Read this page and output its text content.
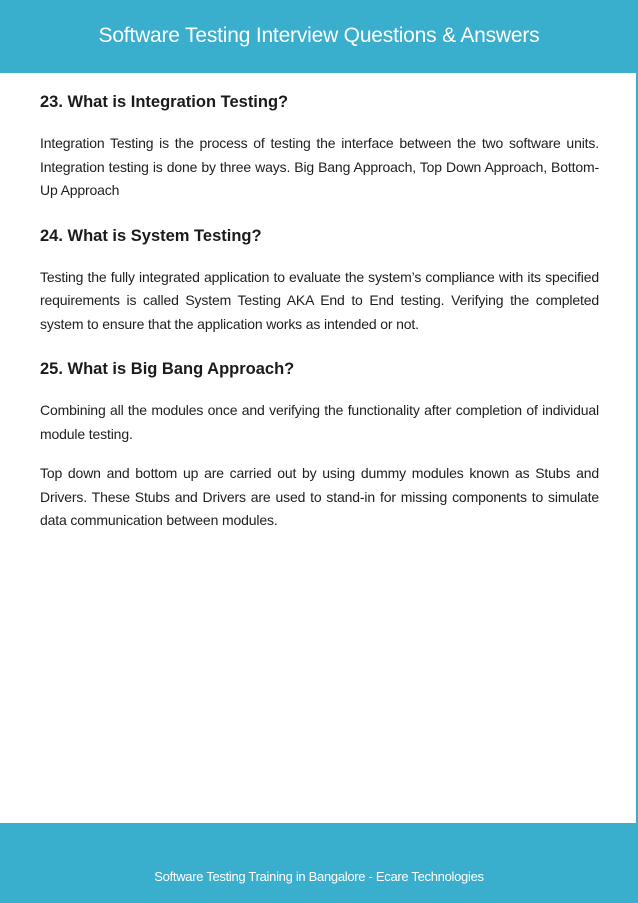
Software Testing Interview Questions & Answers
23. What is Integration Testing?

Integration Testing is the process of testing the interface between the two software units. Integration testing is done by three ways. Big Bang Approach, Top Down Approach, Bottom-Up Approach

24. What is System Testing?

Testing the fully integrated application to evaluate the system’s compliance with its specified requirements is called System Testing AKA End to End testing. Verifying the completed system to ensure that the application works as intended or not.

25. What is Big Bang Approach?

Combining all the modules once and verifying the functionality after completion of individual module testing.

Top down and bottom up are carried out by using dummy modules known as Stubs and Drivers. These Stubs and Drivers are used to stand-in for missing components to simulate data communication between modules.

Software Testing Training in Bangalore - Ecare Technologies
